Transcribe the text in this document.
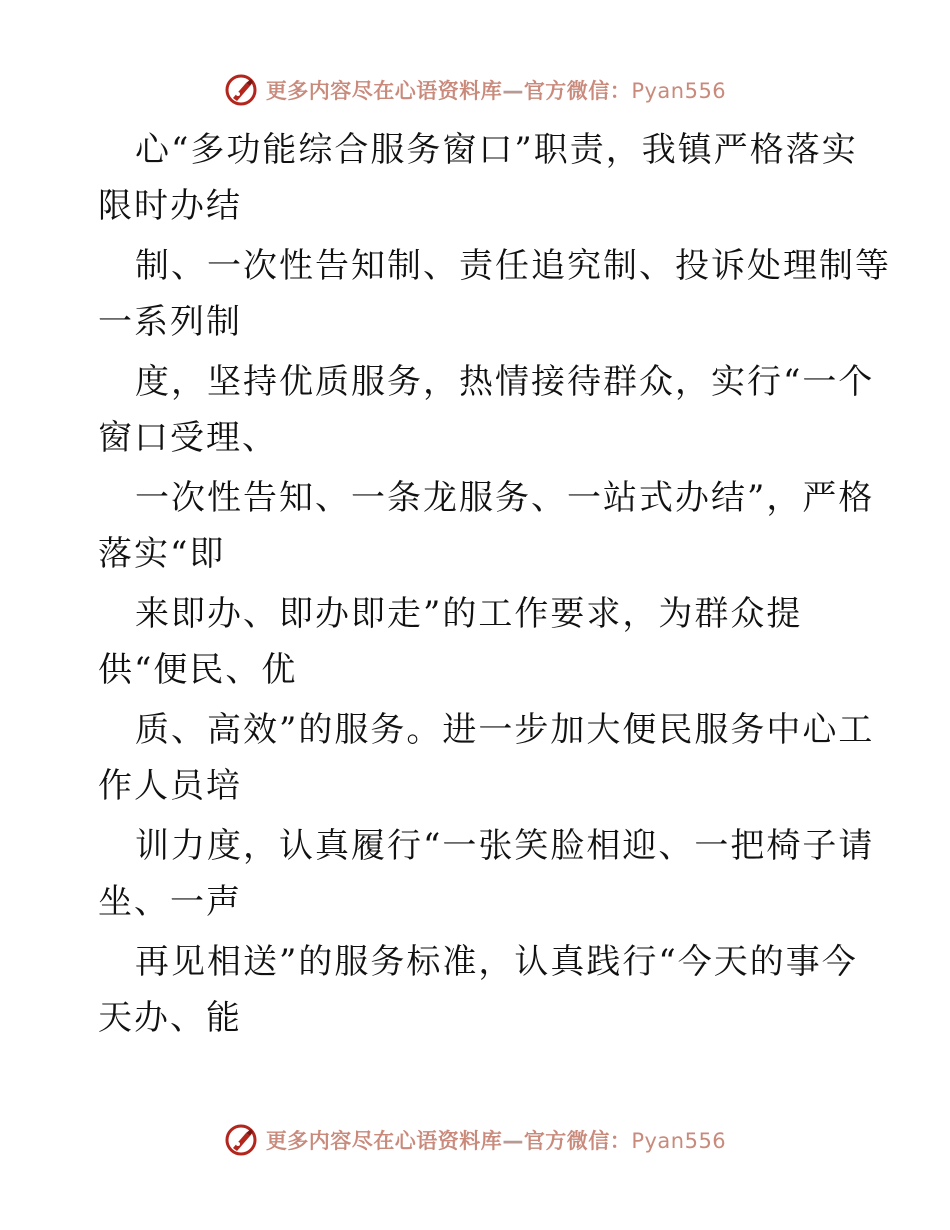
更多内容尽在心语资料库—官方微信：Pyan556
心“多功能综合服务窗口”职责，我镇严格落实
限时办结
制、一次性告知制、责任追究制、投诉处理制等
一系列制
度，坚持优质服务，热情接待群众，实行“一个
窗口受理、
一次性告知、一条龙服务、一站式办结”，严格
落实“即
来即办、即办即走”的工作要求，为群众提
供“便民、优
质、高效”的服务。进一步加大便民服务中心工
作人员培
训力度，认真履行“一张笑脸相迎、一把椅子请
坐、一声
再见相送”的服务标准，认真践行“今天的事今
天办、能
更多内容尽在心语资料库—官方微信：Pyan556
